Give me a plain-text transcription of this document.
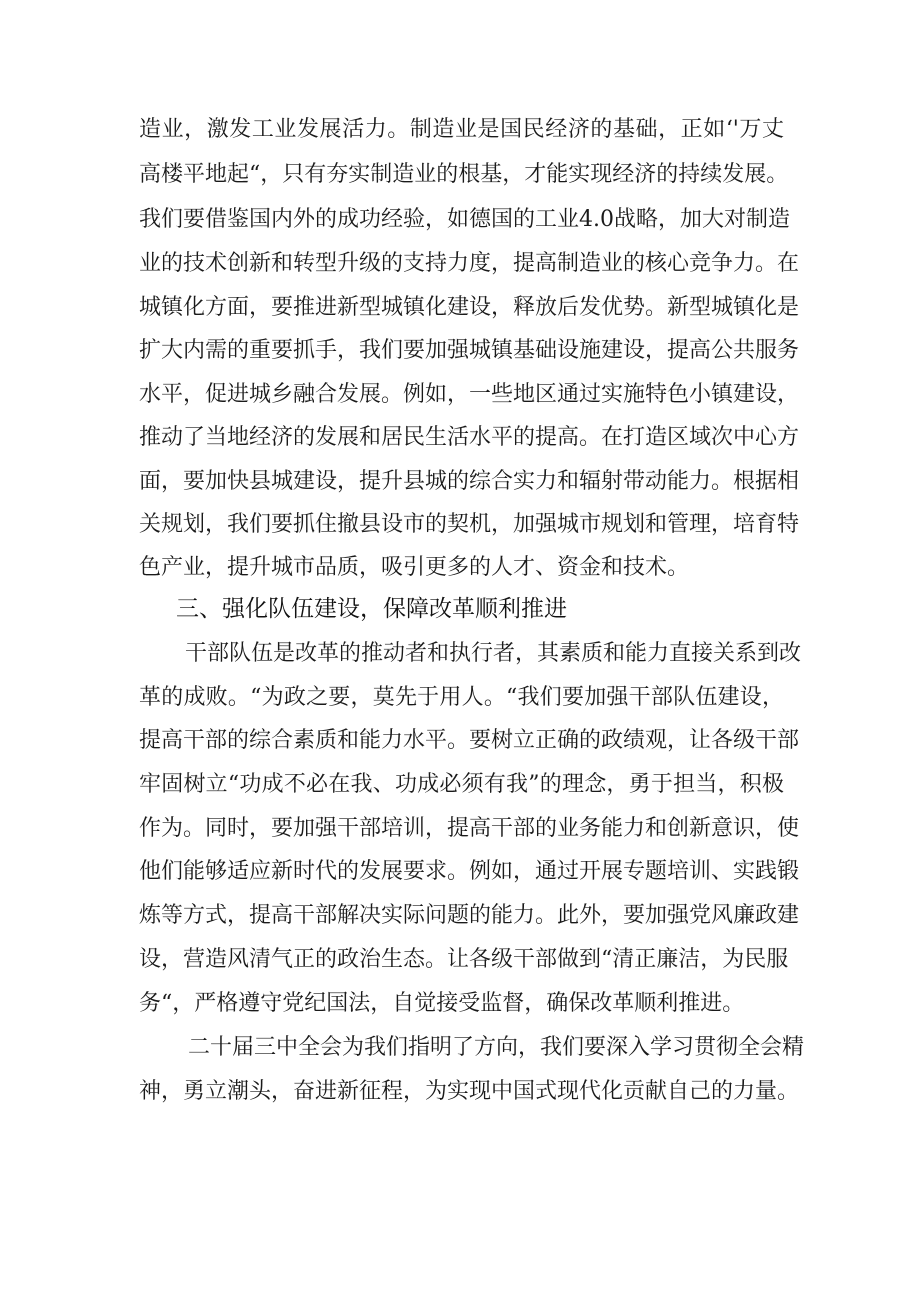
造业，激发工业发展活力。制造业是国民经济的基础，正如‘'万丈
高楼平地起“，只有夯实制造业的根基，才能实现经济的持续发展。
我们要借鉴国内外的成功经验，如德国的工业4.0战略，加大对制造
业的技术创新和转型升级的支持力度，提高制造业的核心竞争力。在
城镇化方面，要推进新型城镇化建设，释放后发优势。新型城镇化是
扩大内需的重要抓手，我们要加强城镇基础设施建设，提高公共服务
水平，促进城乡融合发展。例如，一些地区通过实施特色小镇建设，
推动了当地经济的发展和居民生活水平的提高。在打造区域次中心方
面，要加快县城建设，提升县城的综合实力和辐射带动能力。根据相
关规划，我们要抓住撤县设市的契机，加强城市规划和管理，培育特
色产业，提升城市品质，吸引更多的人才、资金和技术。
三、强化队伍建设，保障改革顺利推进
干部队伍是改革的推动者和执行者，其素质和能力直接关系到改
革的成败。“为政之要，莫先于用人。“我们要加强干部队伍建设，
提高干部的综合素质和能力水平。要树立正确的政绩观，让各级干部
牢固树立“功成不必在我、功成必须有我”的理念，勇于担当，积极
作为。同时，要加强干部培训，提高干部的业务能力和创新意识，使
他们能够适应新时代的发展要求。例如，通过开展专题培训、实践锻
炼等方式，提高干部解决实际问题的能力。此外，要加强党风廉政建
设，营造风清气正的政治生态。让各级干部做到“清正廉洁，为民服
务“，严格遵守党纪国法，自觉接受监督，确保改革顺利推进。
二十届三中全会为我们指明了方向，我们要深入学习贯彻全会精
神，勇立潮头，奋进新征程，为实现中国式现代化贡献自己的力量。
